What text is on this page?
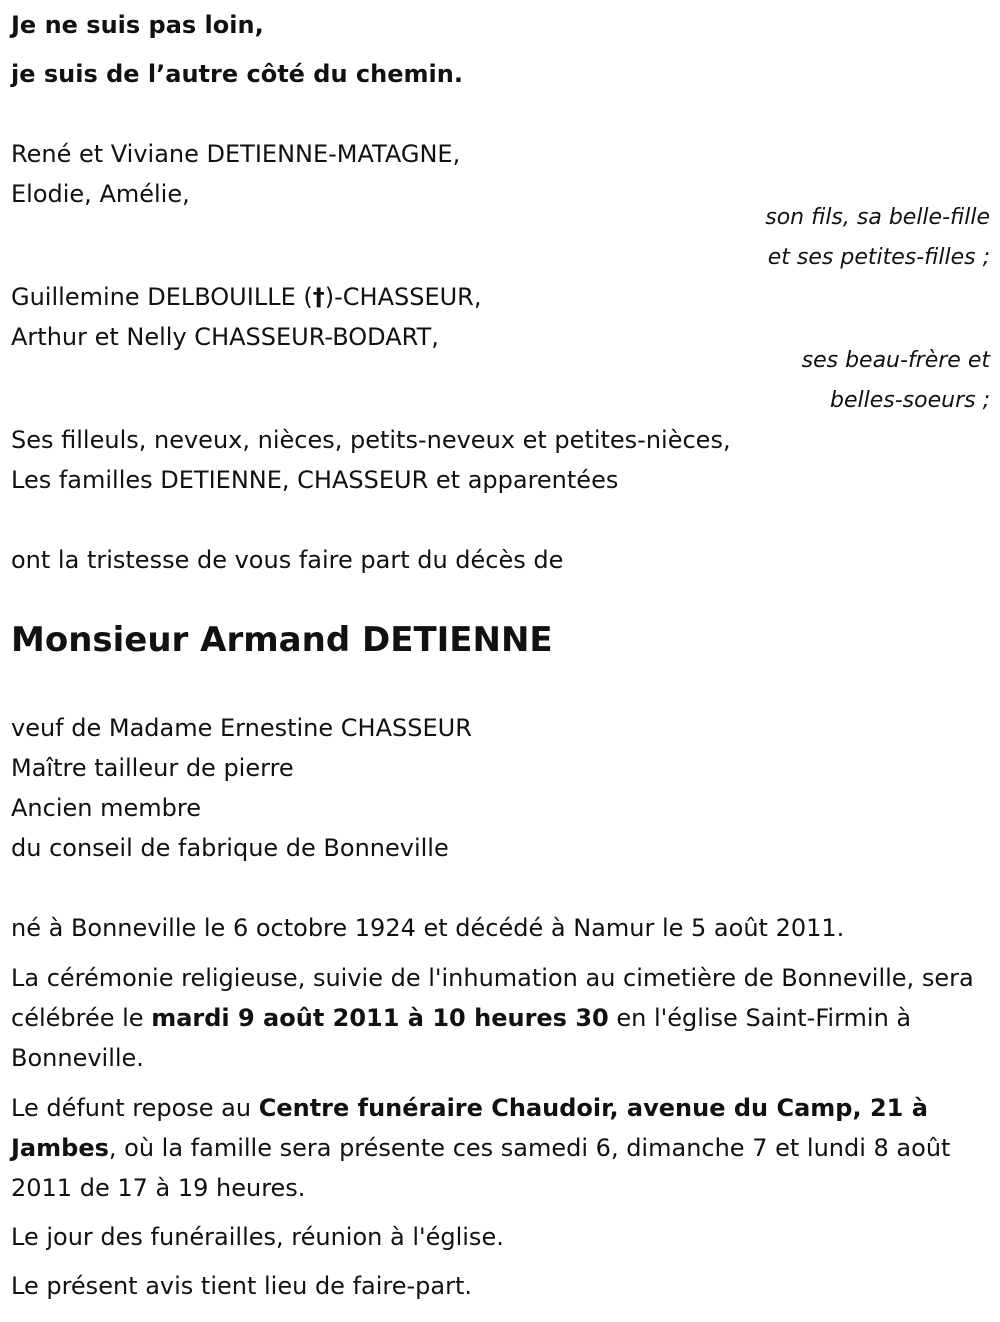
Je ne suis pas loin,

je suis de l’autre côté du chemin.

René et Viviane DETIENNE-MATAGNE,

Elodie, Amélie,

son fils, sa belle-fille

et ses petites-filles ;

Guillemine DELBOUILLE (†)-CHASSEUR,

Arthur et Nelly CHASSEUR-BODART,

ses beau-frère et

belles-soeurs ;

Ses filleuls, neveux, nièces, petits-neveux et petites-nièces,

Les familles DETIENNE, CHASSEUR et apparentées

ont la tristesse de vous faire part du décès de

Monsieur Armand DETIENNE

veuf de Madame Ernestine CHASSEUR

Maître tailleur de pierre

Ancien membre

du conseil de fabrique de Bonneville

né à Bonneville le 6 octobre 1924 et décédé à Namur le 5 août 2011.

La cérémonie religieuse, suivie de l'inhumation au cimetière de Bonneville, sera célébrée le mardi 9 août 2011 à 10 heures 30 en l'église Saint-Firmin à Bonneville.

Le défunt repose au Centre funéraire Chaudoir, avenue du Camp, 21 à Jambes, où la famille sera présente ces samedi 6, dimanche 7 et lundi 8 août 2011 de 17 à 19 heures.

Le jour des funérailles, réunion à l'église.

Le présent avis tient lieu de faire-part.
